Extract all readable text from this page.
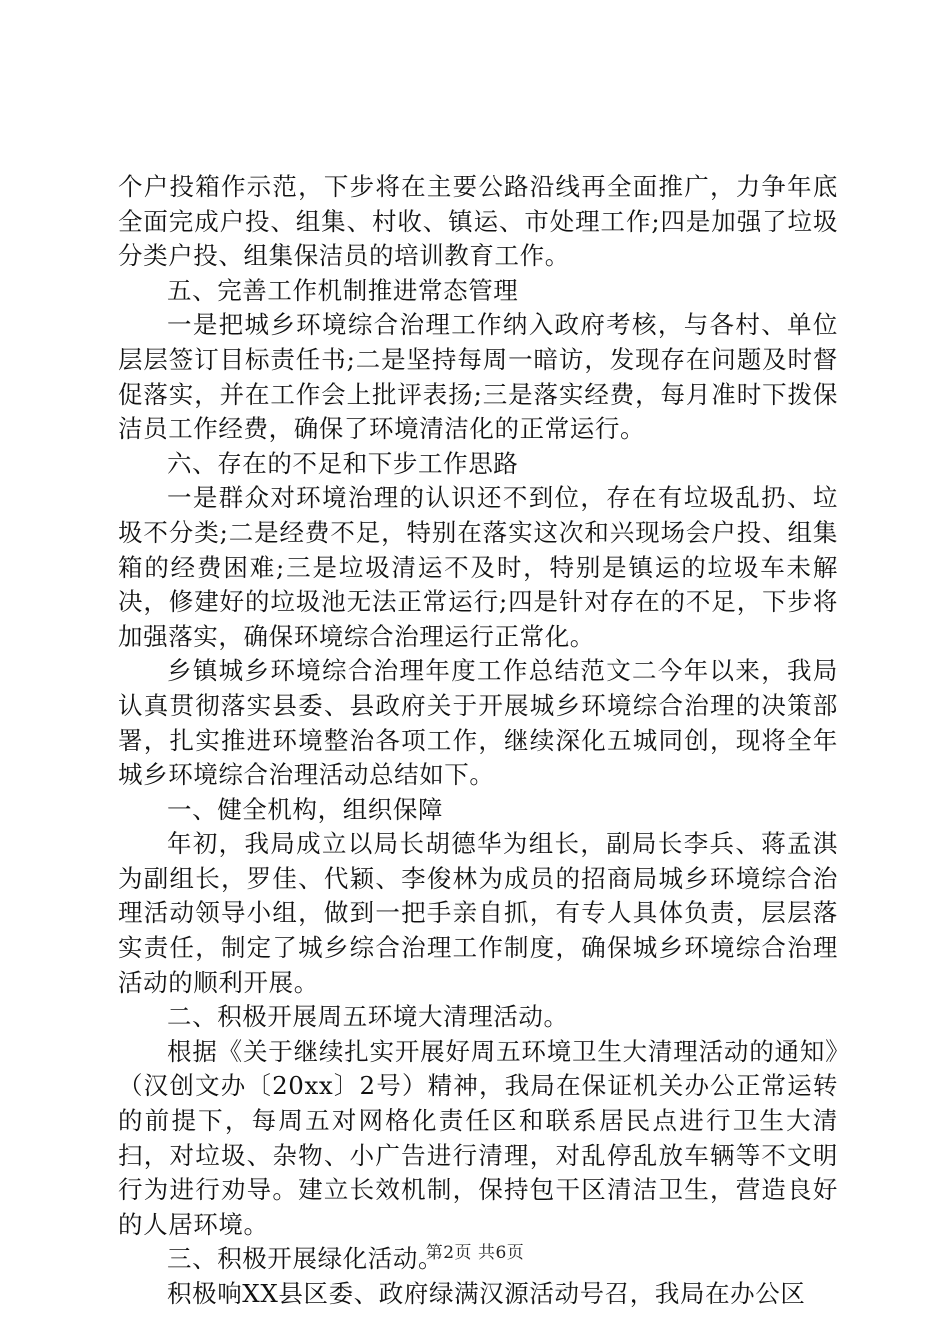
个户投箱作示范，下步将在主要公路沿线再全面推广，力争年底全面完成户投、组集、村收、镇运、市处理工作;四是加强了垃圾分类户投、组集保洁员的培训教育工作。

五、完善工作机制推进常态管理

一是把城乡环境综合治理工作纳入政府考核，与各村、单位层层签订目标责任书;二是坚持每周一暗访，发现存在问题及时督促落实，并在工作会上批评表扬;三是落实经费，每月准时下拨保洁员工作经费，确保了环境清洁化的正常运行。

六、存在的不足和下步工作思路

一是群众对环境治理的认识还不到位，存在有垃圾乱扔、垃圾不分类;二是经费不足，特别在落实这次和兴现场会户投、组集箱的经费困难;三是垃圾清运不及时，特别是镇运的垃圾车未解决，修建好的垃圾池无法正常运行;四是针对存在的不足，下步将加强落实，确保环境综合治理运行正常化。

乡镇城乡环境综合治理年度工作总结范文二今年以来，我局认真贯彻落实县委、县政府关于开展城乡环境综合治理的决策部署，扎实推进环境整治各项工作，继续深化五城同创，现将全年城乡环境综合治理活动总结如下。

一、健全机构，组织保障

年初，我局成立以局长胡德华为组长，副局长李兵、蒋孟淇为副组长，罗佳、代颖、李俊林为成员的招商局城乡环境综合治理活动领导小组，做到一把手亲自抓，有专人具体负责，层层落实责任，制定了城乡综合治理工作制度，确保城乡环境综合治理活动的顺利开展。

二、积极开展周五环境大清理活动。

根据《关于继续扎实开展好周五环境卫生大清理活动的通知》（汉创文办〔20xx〕2号）精神，我局在保证机关办公正常运转的前提下，每周五对网格化责任区和联系居民点进行卫生大清扫，对垃圾、杂物、小广告进行清理，对乱停乱放车辆等不文明行为进行劝导。建立长效机制，保持包干区清洁卫生，营造良好的人居环境。

三、积极开展绿化活动。

积极响XX县区委、政府绿满汉源活动号召，我局在办公区

第2页 共6页
